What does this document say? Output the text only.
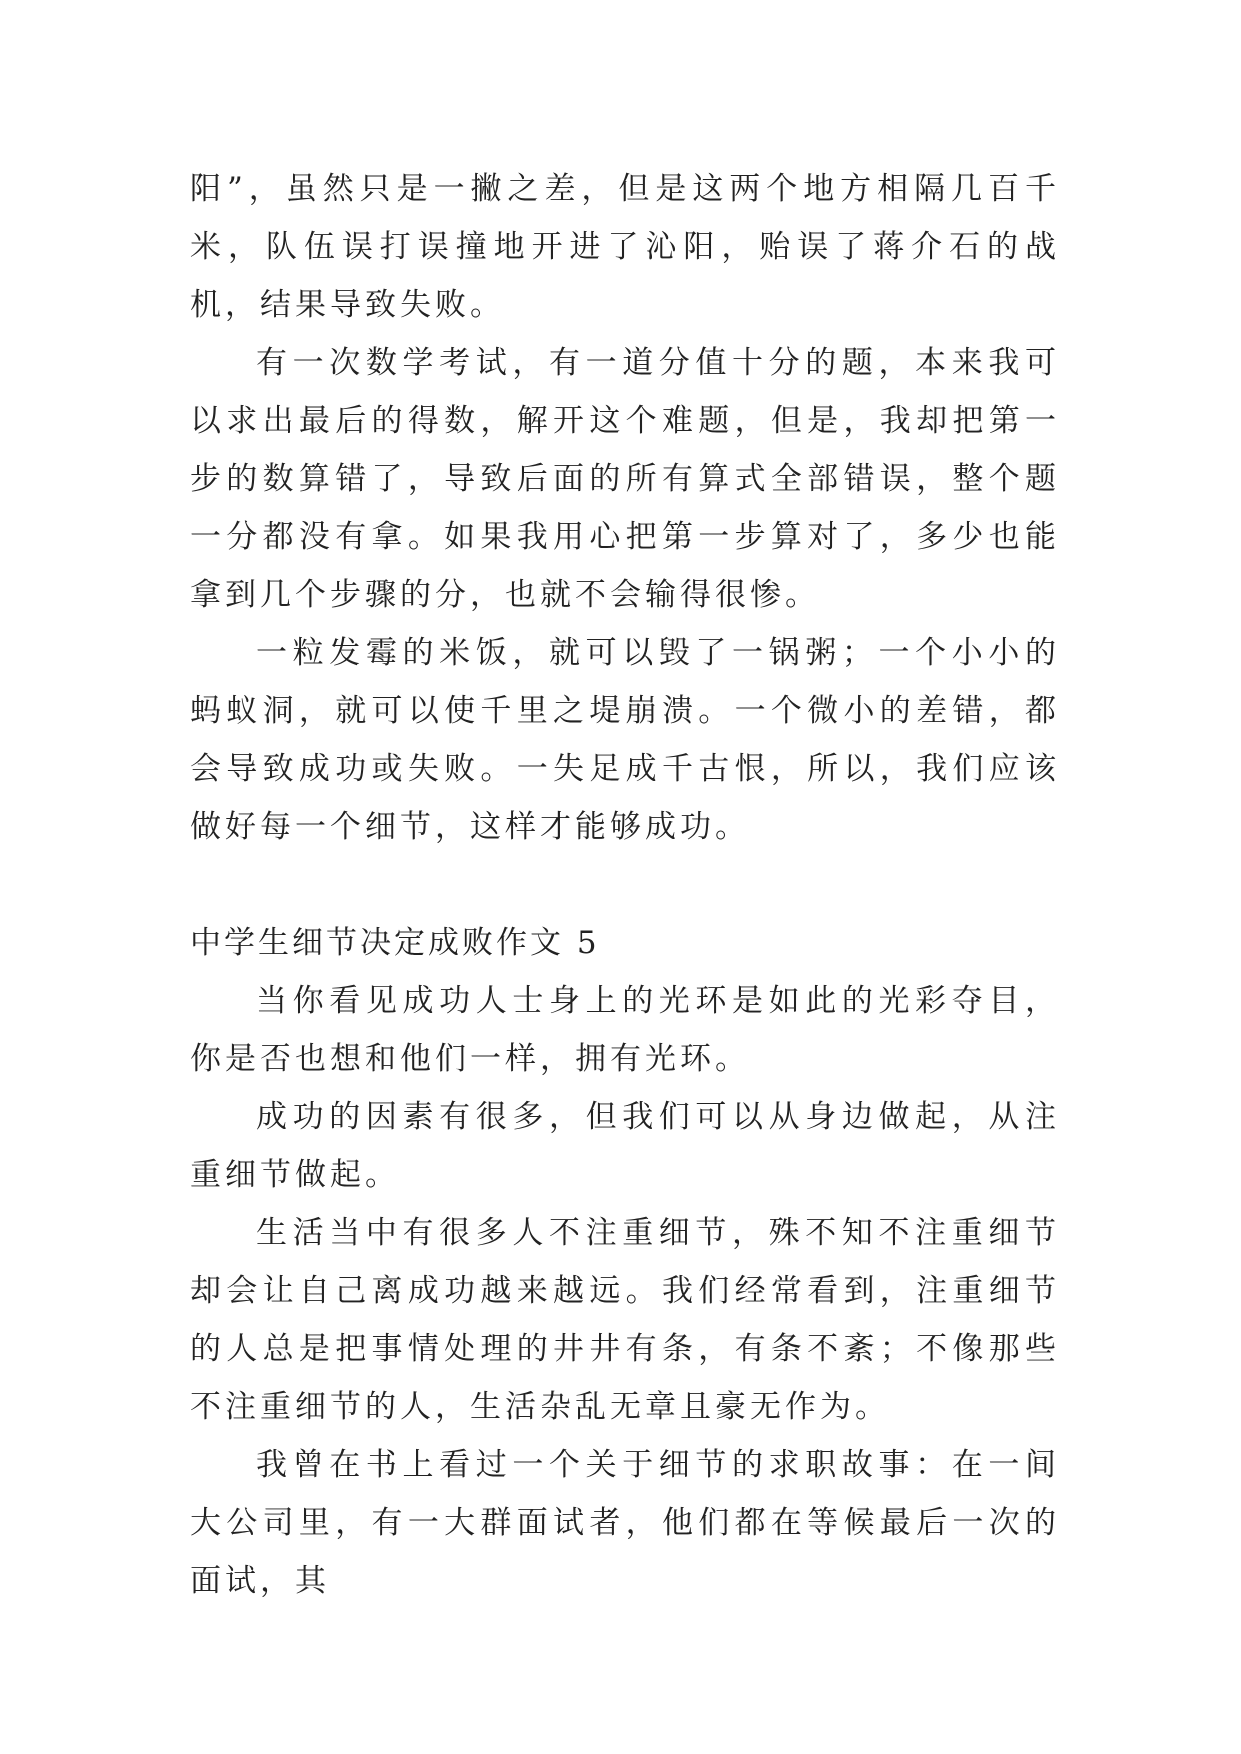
阳”，虽然只是一撇之差，但是这两个地方相隔几百千米，队伍误打误撞地开进了沁阳，贻误了蒋介石的战机，结果导致失败。

有一次数学考试，有一道分值十分的题，本来我可以求出最后的得数，解开这个难题，但是，我却把第一步的数算错了，导致后面的所有算式全部错误，整个题一分都没有拿。如果我用心把第一步算对了，多少也能拿到几个步骤的分，也就不会输得很惨。

一粒发霉的米饭，就可以毁了一锅粥；一个小小的蚂蚁洞，就可以使千里之堤崩溃。一个微小的差错，都会导致成功或失败。一失足成千古恨，所以，我们应该做好每一个细节，这样才能够成功。

中学生细节决定成败作文 5

当你看见成功人士身上的光环是如此的光彩夺目，你是否也想和他们一样，拥有光环。

成功的因素有很多，但我们可以从身边做起，从注重细节做起。

生活当中有很多人不注重细节，殊不知不注重细节却会让自己离成功越来越远。我们经常看到，注重细节的人总是把事情处理的井井有条，有条不紊；不像那些不注重细节的人，生活杂乱无章且豪无作为。

我曾在书上看过一个关于细节的求职故事：在一间大公司里，有一大群面试者，他们都在等候最后一次的面试，其
